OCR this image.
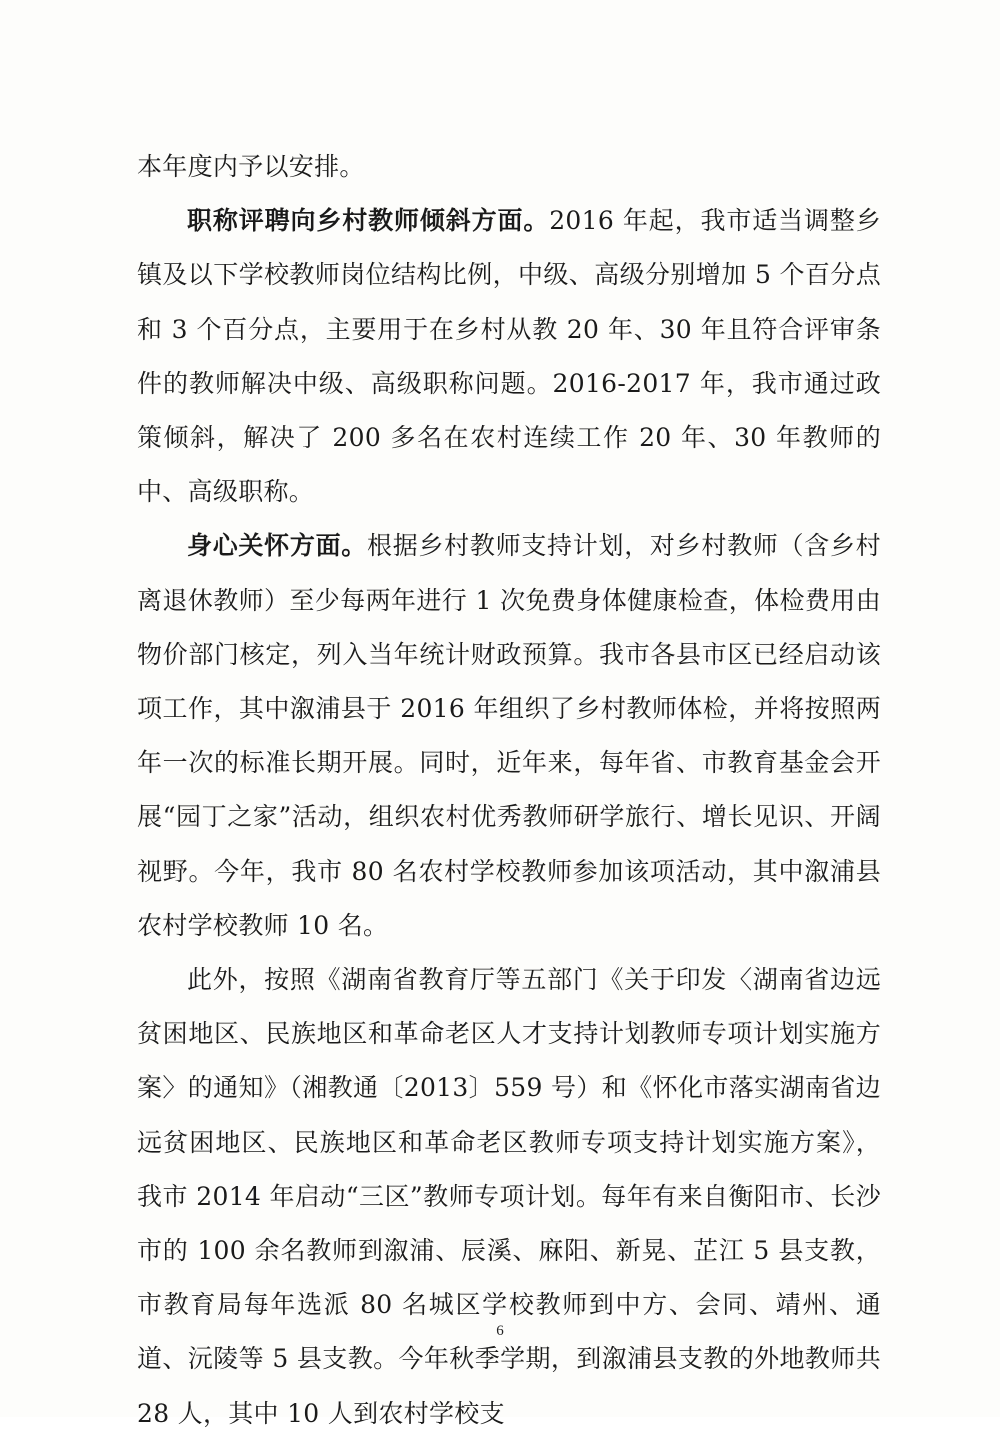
本年度内予以安排。

职称评聘向乡村教师倾斜方面。2016 年起，我市适当调整乡镇及以下学校教师岗位结构比例，中级、高级分别增加 5 个百分点和 3 个百分点，主要用于在乡村从教 20 年、30 年且符合评审条件的教师解决中级、高级职称问题。2016-2017 年，我市通过政策倾斜，解决了 200 多名在农村连续工作 20 年、30 年教师的中、高级职称。

身心关怀方面。根据乡村教师支持计划，对乡村教师（含乡村离退休教师）至少每两年进行 1 次免费身体健康检查，体检费用由物价部门核定，列入当年统计财政预算。我市各县市区已经启动该项工作，其中溆浦县于 2016 年组织了乡村教师体检，并将按照两年一次的标准长期开展。同时，近年来，每年省、市教育基金会开展“园丁之家”活动，组织农村优秀教师研学旅行、增长见识、开阔视野。今年，我市 80 名农村学校教师参加该项活动，其中溆浦县农村学校教师 10 名。

此外，按照《湖南省教育厅等五部门《关于印发〈湖南省边远贫困地区、民族地区和革命老区人才支持计划教师专项计划实施方案〉的通知》（湘教通〔2013〕559 号）和《怀化市落实湖南省边远贫困地区、民族地区和革命老区教师专项支持计划实施方案》，我市 2014 年启动“三区”教师专项计划。每年有来自衡阳市、长沙市的 100 余名教师到溆浦、辰溪、麻阳、新晃、芷江 5 县支教，市教育局每年选派 80 名城区学校教师到中方、会同、靖州、通道、沅陵等 5 县支教。今年秋季学期，到溆浦县支教的外地教师共 28 人，其中 10 人到农村学校支

6
